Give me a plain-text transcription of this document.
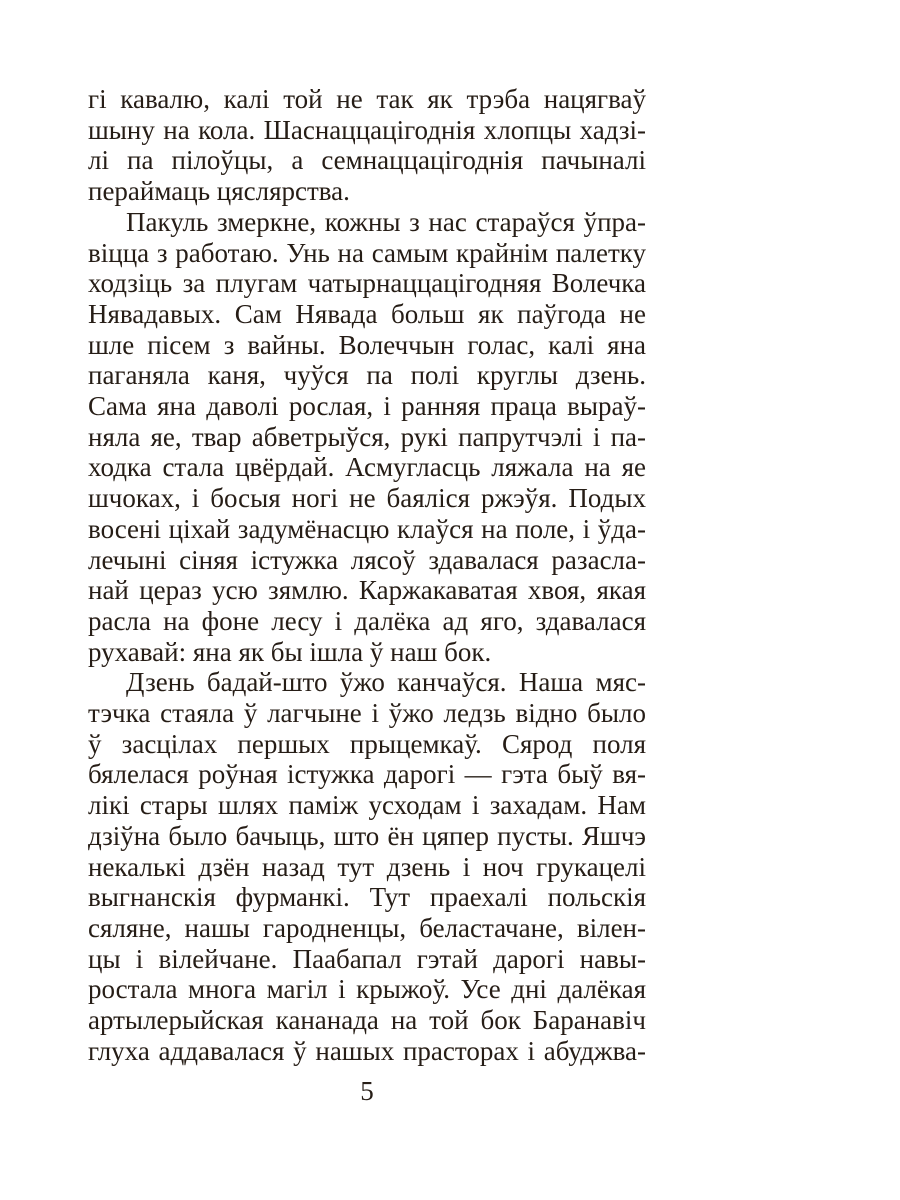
гі кавалю, калі той не так як трэба нацягваў
шыну на кола. Шаснаццацігоднія хлопцы хадзі-
лі па пілоўцы, а семнаццацігоднія пачыналі
пераймаць цяслярства.
Пакуль змеркне, кожны з нас стараўся ўпра-
віцца з работаю. Унь на самым крайнім палетку
ходзіць за плугам чатырнаццацігодняя Волечка
Нявадавых. Сам Нявада больш як паўгода не
шле пісем з вайны. Волеччын голас, калі яна
паганяла каня, чуўся па полі круглы дзень.
Сама яна даволі рослая, і ранняя праца выраў-
няла яе, твар абветрыўся, рукі папрутчэлі і па-
ходка стала цвёрдай. Асмугласць ляжала на яе
шчоках, і босыя ногі не баяліся ржэўя. Подых
восені ціхай задумёнасцю клаўся на поле, і ўда-
лечыні сіняя істужка лясоў здавалася разасла-
най цераз усю зямлю. Каржакаватая хвоя, якая
расла на фоне лесу і далёка ад яго, здавалася
рухавай: яна як бы ішла ў наш бок.
Дзень бадай-што ўжо канчаўся. Наша мяс-
тэчка стаяла ў лагчыне і ўжо ледзь відно было
ў засцілах першых прыцемкаў. Сярод поля
бялелася роўная істужка дарогі — гэта быў вя-
лікі стары шлях паміж усходам і захадам. Нам
дзіўна было бачыць, што ён цяпер пусты. Яшчэ
некалькі дзён назад тут дзень і ноч грукацелі
выгнанскія фурманкі. Тут праехалі польскія
сяляне, нашы гародненцы, беластачане, вілен-
цы і вілейчане. Паабапал гэтай дарогі навы-
ростала многа магіл і крыжоў. Усе дні далёкая
артылерыйская кананада на той бок Баранавіч
глуха аддавалася ў нашых прасторах і абуджва-
5
